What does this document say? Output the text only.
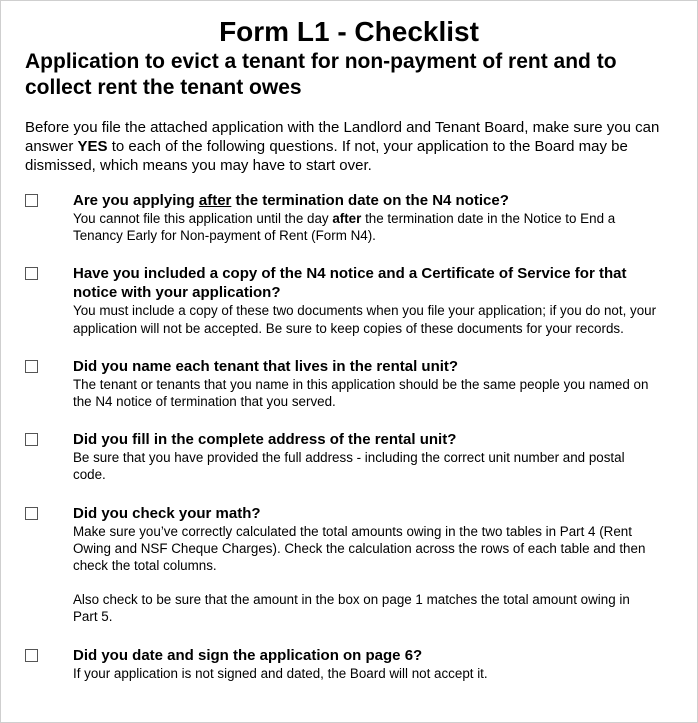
Form L1 - Checklist
Application to evict a tenant for non-payment of rent and to collect rent the tenant owes

Before you file the attached application with the Landlord and Tenant Board, make sure you can answer YES to each of the following questions. If not, your application to the Board may be dismissed, which means you may have to start over.

Are you applying after the termination date on the N4 notice?

You cannot file this application until the day after the termination date in the Notice to End a Tenancy Early for Non-payment of Rent (Form N4).

Have you included a copy of the N4 notice and a Certificate of Service for that notice with your application?

You must include a copy of these two documents when you file your application; if you do not, your application will not be accepted. Be sure to keep copies of these documents for your records.

Did you name each tenant that lives in the rental unit?

The tenant or tenants that you name in this application should be the same people you named on the N4 notice of termination that you served.

Did you fill in the complete address of the rental unit?

Be sure that you have provided the full address - including the correct unit number and postal code.

Did you check your math?

Make sure you’ve correctly calculated the total amounts owing in the two tables in Part 4 (Rent Owing and NSF Cheque Charges). Check the calculation across the rows of each table and then check the total columns.

Also check to be sure that the amount in the box on page 1 matches the total amount owing in Part 5.

Did you date and sign the application on page 6?

If your application is not signed and dated, the Board will not accept it.
